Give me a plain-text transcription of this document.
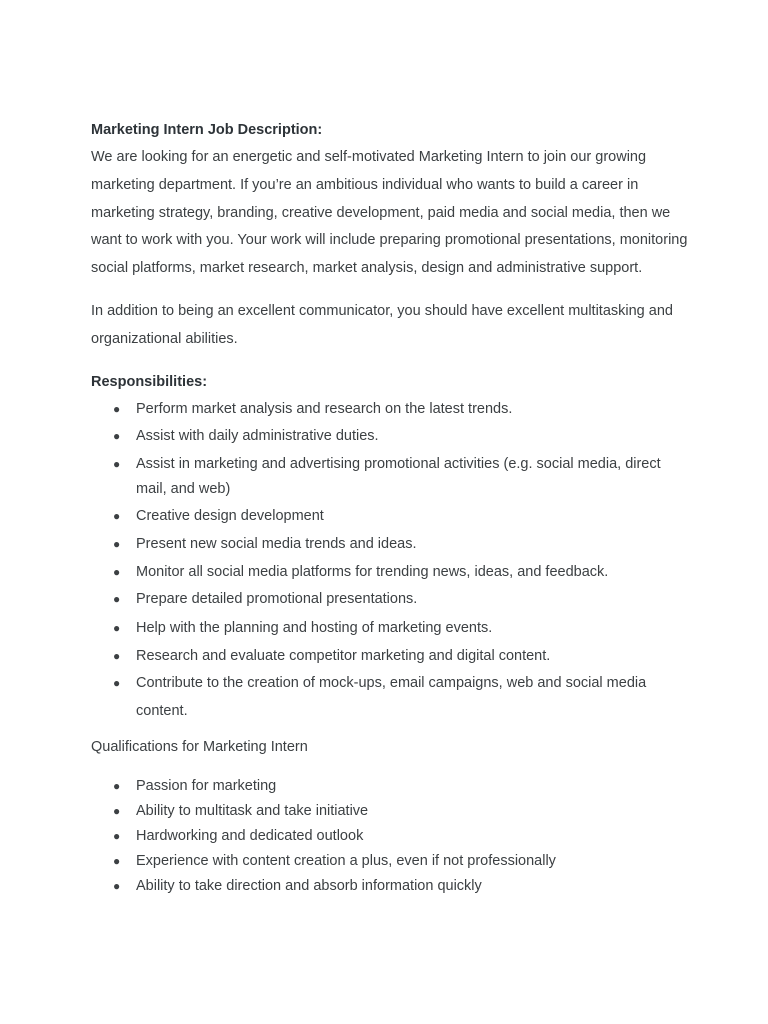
Marketing Intern Job Description:

We are looking for an energetic and self-motivated Marketing Intern to join our growing marketing department. If you’re an ambitious individual who wants to build a career in marketing strategy, branding, creative development, paid media and social media, then we want to work with you. Your work will include preparing promotional presentations, monitoring social platforms, market research, market analysis, design and administrative support.

In addition to being an excellent communicator, you should have excellent multitasking and organizational abilities.

Responsibilities:

● Perform market analysis and research on the latest trends.
● Assist with daily administrative duties.
● Assist in marketing and advertising promotional activities (e.g. social media, direct mail, and web)
● Creative design development
● Present new social media trends and ideas.
● Monitor all social media platforms for trending news, ideas, and feedback.
● Prepare detailed promotional presentations.
● Help with the planning and hosting of marketing events.
● Research and evaluate competitor marketing and digital content.
● Contribute to the creation of mock-ups, email campaigns, web and social media content.

Qualifications for Marketing Intern

● Passion for marketing
● Ability to multitask and take initiative
● Hardworking and dedicated outlook
● Experience with content creation a plus, even if not professionally
● Ability to take direction and absorb information quickly
